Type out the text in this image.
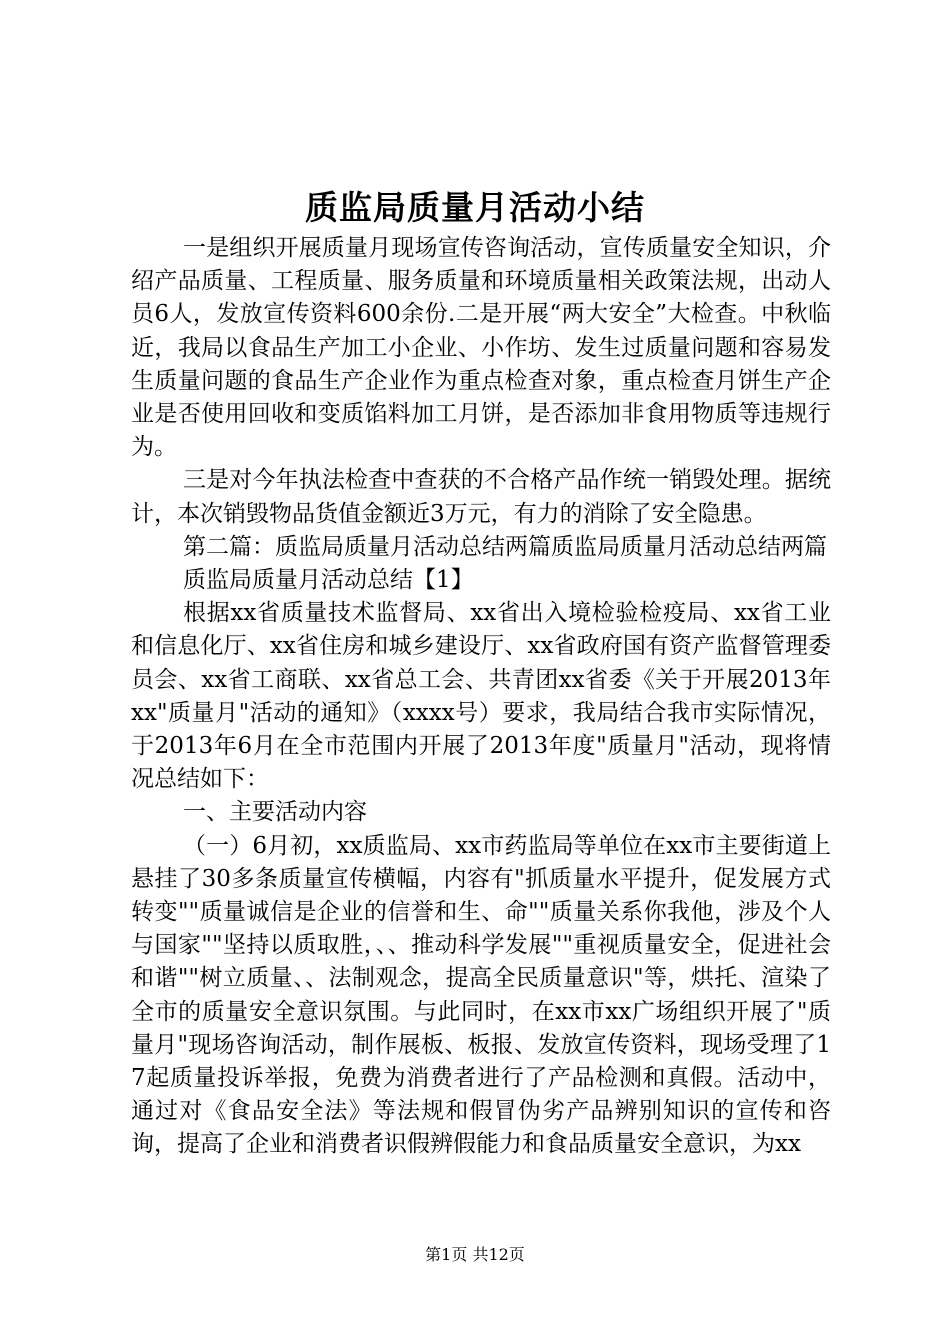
质监局质量月活动小结

一是组织开展质量月现场宣传咨询活动，宣传质量安全知识，介绍产品质量、工程质量、服务质量和环境质量相关政策法规，出动人员6人，发放宣传资料600余份.二是开展“两大安全”大检查。中秋临近，我局以食品生产加工小企业、小作坊、发生过质量问题和容易发生质量问题的食品生产企业作为重点检查对象，重点检查月饼生产企业是否使用回收和变质馅料加工月饼，是否添加非食用物质等违规行为。

三是对今年执法检查中查获的不合格产品作统一销毁处理。据统计，本次销毁物品货值金额近3万元，有力的消除了安全隐患。

第二篇：质监局质量月活动总结两篇质监局质量月活动总结两篇

质监局质量月活动总结【1】

根据xx省质量技术监督局、xx省出入境检验检疫局、xx省工业和信息化厅、xx省住房和城乡建设厅、xx省政府国有资产监督管理委员会、xx省工商联、xx省总工会、共青团xx省委《关于开展2013年xx"质量月"活动的通知》（xxxx号）要求，我局结合我市实际情况，于2013年6月在全市范围内开展了2013年度"质量月"活动，现将情况总结如下：

一、主要活动内容

（一）6月初，xx质监局、xx市药监局等单位在xx市主要街道上悬挂了30多条质量宣传横幅，内容有"抓质量水平提升，促发展方式转变""质量诚信是企业的信誉和生、命""质量关系你我他，涉及个人与国家""坚持以质取胜，、、推动科学发展""重视质量安全，促进社会和谐""树立质量、、法制观念，提高全民质量意识"等，烘托、渲染了全市的质量安全意识氛围。与此同时，在xx市xx广场组织开展了"质量月"现场咨询活动，制作展板、板报、发放宣传资料，现场受理了17起质量投诉举报，免费为消费者进行了产品检测和真假。活动中，通过对《食品安全法》等法规和假冒伪劣产品辨别知识的宣传和咨询，提高了企业和消费者识假辨假能力和食品质量安全意识，为xx

第1页 共12页
